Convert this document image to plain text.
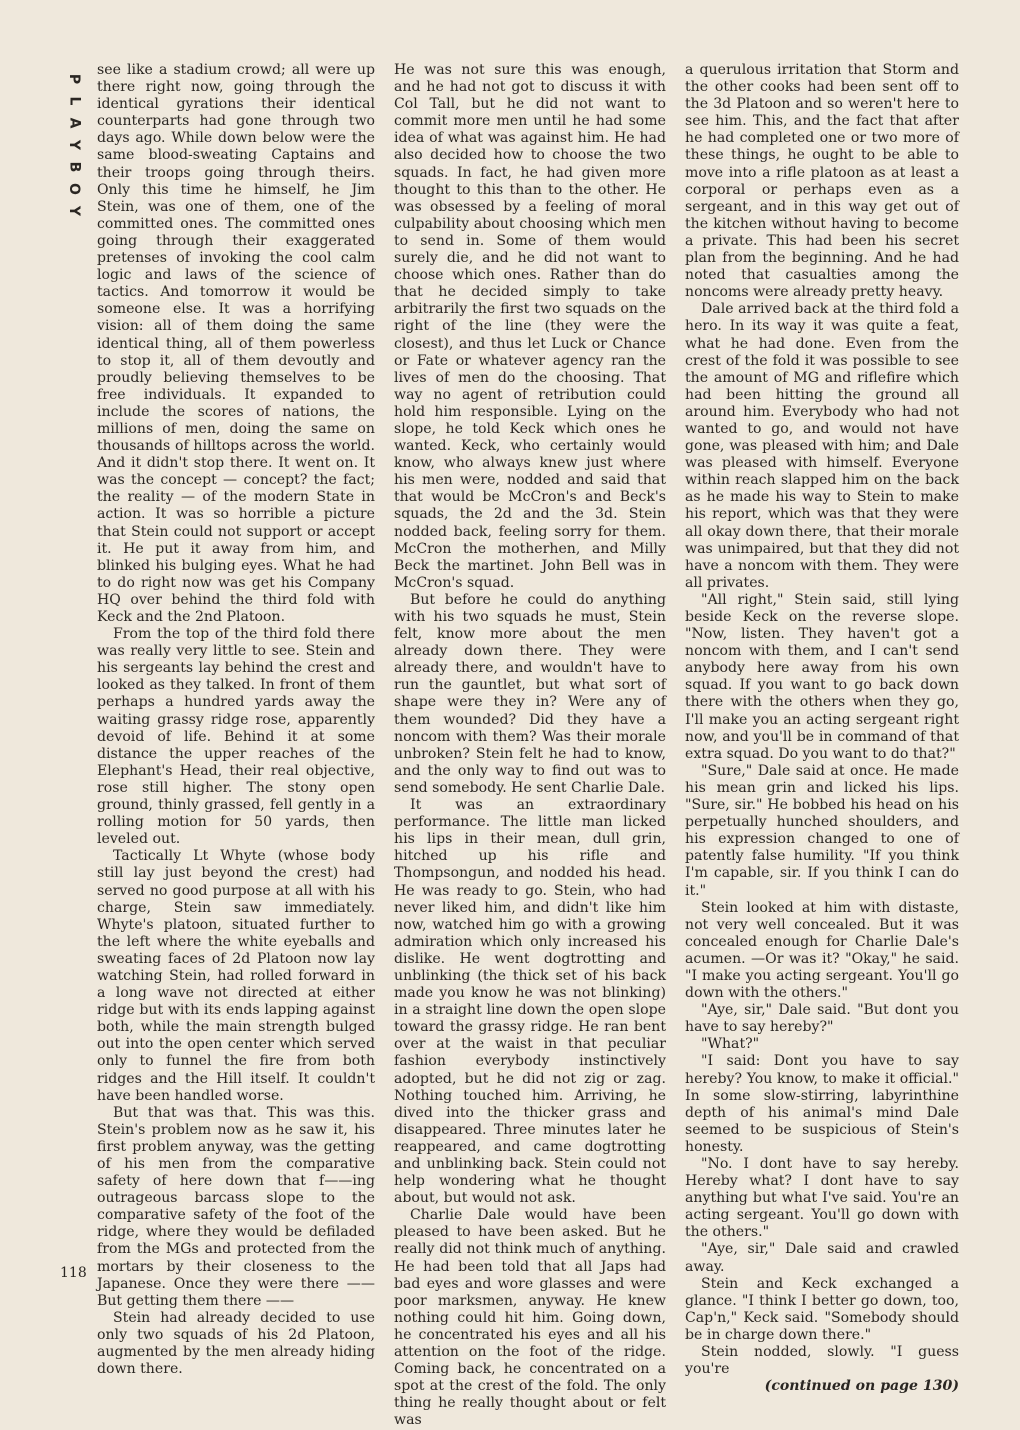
P
L
A
Y
B
O
Y

see like a stadium crowd; all were up there right now, going through the identical gyrations their identical counterparts had gone through two days ago. While down below were the same blood-sweating Captains and their troops going through theirs. Only this time he himself, he Jim Stein, was one of them, one of the committed ones. The committed ones going through their exaggerated pretenses of invoking the cool calm logic and laws of the science of tactics. And tomorrow it would be someone else. It was a horrifying vision: all of them doing the same identical thing, all of them powerless to stop it, all of them devoutly and proudly believing themselves to be free individuals. It expanded to include the scores of nations, the millions of men, doing the same on thousands of hilltops across the world. And it didn't stop there. It went on. It was the concept — concept? the fact; the reality — of the modern State in action. It was so horrible a picture that Stein could not support or accept it. He put it away from him, and blinked his bulging eyes. What he had to do right now was get his Company HQ over behind the third fold with Keck and the 2nd Platoon.

From the top of the third fold there was really very little to see. Stein and his sergeants lay behind the crest and looked as they talked. In front of them perhaps a hundred yards away the waiting grassy ridge rose, apparently devoid of life. Behind it at some distance the upper reaches of the Elephant's Head, their real objective, rose still higher. The stony open ground, thinly grassed, fell gently in a rolling motion for 50 yards, then leveled out.

Tactically Lt Whyte (whose body still lay just beyond the crest) had served no good purpose at all with his charge, Stein saw immediately. Whyte's platoon, situated further to the left where the white eyeballs and sweating faces of 2d Platoon now lay watching Stein, had rolled forward in a long wave not directed at either ridge but with its ends lapping against both, while the main strength bulged out into the open center which served only to funnel the fire from both ridges and the Hill itself. It couldn't have been handled worse.

But that was that. This was this. Stein's problem now as he saw it, his first problem anyway, was the getting of his men from the comparative safety of here down that f——ing outrageous barcass slope to the comparative safety of the foot of the ridge, where they would be defiladed from the MGs and protected from the mortars by their closeness to the Japanese. Once they were there —— But getting them there ——

Stein had already decided to use only two squads of his 2d Platoon, augmented by the men already hiding down there.

He was not sure this was enough, and he had not got to discuss it with Col Tall, but he did not want to commit more men until he had some idea of what was against him. He had also decided how to choose the two squads. In fact, he had given more thought to this than to the other. He was obsessed by a feeling of moral culpability about choosing which men to send in. Some of them would surely die, and he did not want to choose which ones. Rather than do that he decided simply to take arbitrarily the first two squads on the right of the line (they were the closest), and thus let Luck or Chance or Fate or whatever agency ran the lives of men do the choosing. That way no agent of retribution could hold him responsible. Lying on the slope, he told Keck which ones he wanted. Keck, who certainly would know, who always knew just where his men were, nodded and said that that would be McCron's and Beck's squads, the 2d and the 3d. Stein nodded back, feeling sorry for them. McCron the motherhen, and Milly Beck the martinet. John Bell was in McCron's squad.

But before he could do anything with his two squads he must, Stein felt, know more about the men already down there. They were already there, and wouldn't have to run the gauntlet, but what sort of shape were they in? Were any of them wounded? Did they have a noncom with them? Was their morale unbroken? Stein felt he had to know, and the only way to find out was to send somebody. He sent Charlie Dale.

It was an extraordinary performance. The little man licked his lips in their mean, dull grin, hitched up his rifle and Thompsongun, and nodded his head. He was ready to go. Stein, who had never liked him, and didn't like him now, watched him go with a growing admiration which only increased his dislike. He went dogtrotting and unblinking (the thick set of his back made you know he was not blinking) in a straight line down the open slope toward the grassy ridge. He ran bent over at the waist in that peculiar fashion everybody instinctively adopted, but he did not zig or zag. Nothing touched him. Arriving, he dived into the thicker grass and disappeared. Three minutes later he reappeared, and came dogtrotting and unblinking back. Stein could not help wondering what he thought about, but would not ask.

Charlie Dale would have been pleased to have been asked. But he really did not think much of anything. He had been told that all Japs had bad eyes and wore glasses and were poor marksmen, anyway. He knew nothing could hit him. Going down, he concentrated his eyes and all his attention on the foot of the ridge. Coming back, he concentrated on a spot at the crest of the fold. The only thing he really thought about or felt was

a querulous irritation that Storm and the other cooks had been sent off to the 3d Platoon and so weren't here to see him. This, and the fact that after he had completed one or two more of these things, he ought to be able to move into a rifle platoon as at least a corporal or perhaps even as a sergeant, and in this way get out of the kitchen without having to become a private. This had been his secret plan from the beginning. And he had noted that casualties among the noncoms were already pretty heavy.

Dale arrived back at the third fold a hero. In its way it was quite a feat, what he had done. Even from the crest of the fold it was possible to see the amount of MG and riflefire which had been hitting the ground all around him. Everybody who had not wanted to go, and would not have gone, was pleased with him; and Dale was pleased with himself. Everyone within reach slapped him on the back as he made his way to Stein to make his report, which was that they were all okay down there, that their morale was unimpaired, but that they did not have a noncom with them. They were all privates.

"All right," Stein said, still lying beside Keck on the reverse slope. "Now, listen. They haven't got a noncom with them, and I can't send anybody here away from his own squad. If you want to go back down there with the others when they go, I'll make you an acting sergeant right now, and you'll be in command of that extra squad. Do you want to do that?"

"Sure," Dale said at once. He made his mean grin and licked his lips. "Sure, sir." He bobbed his head on his perpetually hunched shoulders, and his expression changed to one of patently false humility. "If you think I'm capable, sir. If you think I can do it."

Stein looked at him with distaste, not very well concealed. But it was concealed enough for Charlie Dale's acumen. —Or was it? "Okay," he said. "I make you acting sergeant. You'll go down with the others."

"Aye, sir," Dale said. "But dont you have to say hereby?"

"What?"

"I said: Dont you have to say hereby? You know, to make it official." In some slow-stirring, labyrinthine depth of his animal's mind Dale seemed to be suspicious of Stein's honesty.

"No. I dont have to say hereby. Hereby what? I dont have to say anything but what I've said. You're an acting sergeant. You'll go down with the others."

"Aye, sir," Dale said and crawled away.

Stein and Keck exchanged a glance. "I think I better go down, too, Cap'n," Keck said. "Somebody should be in charge down there."

Stein nodded, slowly. "I guess you're

(continued on page 130)

118
